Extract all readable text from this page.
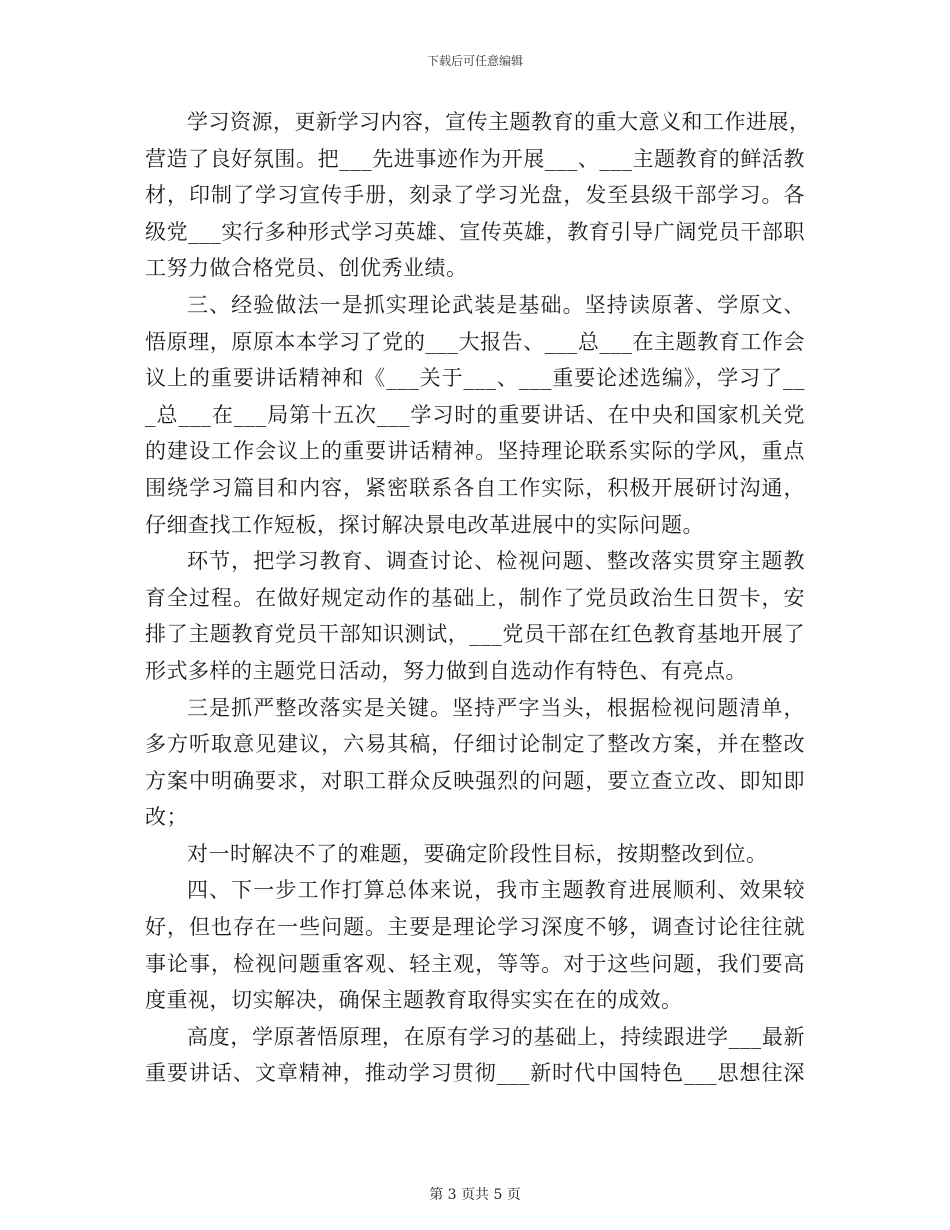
下载后可任意编辑
学习资源，更新学习内容，宣传主题教育的重大意义和工作进展，
营造了良好氛围。把___先进事迹作为开展___、___主题教育的鲜活教
材，印制了学习宣传手册，刻录了学习光盘，发至县级干部学习。各
级党___实行多种形式学习英雄、宣传英雄，教育引导广阔党员干部职
工努力做合格党员、创优秀业绩。
三、经验做法一是抓实理论武装是基础。坚持读原著、学原文、
悟原理，原原本本学习了党的___大报告、___总___在主题教育工作会
议上的重要讲话精神和《___关于___、___重要论述选编》，学习了__
_总___在___局第十五次___学习时的重要讲话、在中央和国家机关党
的建设工作会议上的重要讲话精神。坚持理论联系实际的学风，重点
围绕学习篇目和内容，紧密联系各自工作实际，积极开展研讨沟通，
仔细查找工作短板，探讨解决景电改革进展中的实际问题。
环节，把学习教育、调查讨论、检视问题、整改落实贯穿主题教
育全过程。在做好规定动作的基础上，制作了党员政治生日贺卡，安
排了主题教育党员干部知识测试，___党员干部在红色教育基地开展了
形式多样的主题党日活动，努力做到自选动作有特色、有亮点。
三是抓严整改落实是关键。坚持严字当头，根据检视问题清单，
多方听取意见建议，六易其稿，仔细讨论制定了整改方案，并在整改
方案中明确要求，对职工群众反映强烈的问题，要立查立改、即知即
改；
对一时解决不了的难题，要确定阶段性目标，按期整改到位。
四、下一步工作打算总体来说，我市主题教育进展顺利、效果较
好，但也存在一些问题。主要是理论学习深度不够，调查讨论往往就
事论事，检视问题重客观、轻主观，等等。对于这些问题，我们要高
度重视，切实解决，确保主题教育取得实实在在的成效。
高度，学原著悟原理，在原有学习的基础上，持续跟进学___最新
重要讲话、文章精神，推动学习贯彻___新时代中国特色___思想往深
第 3 页共 5 页
